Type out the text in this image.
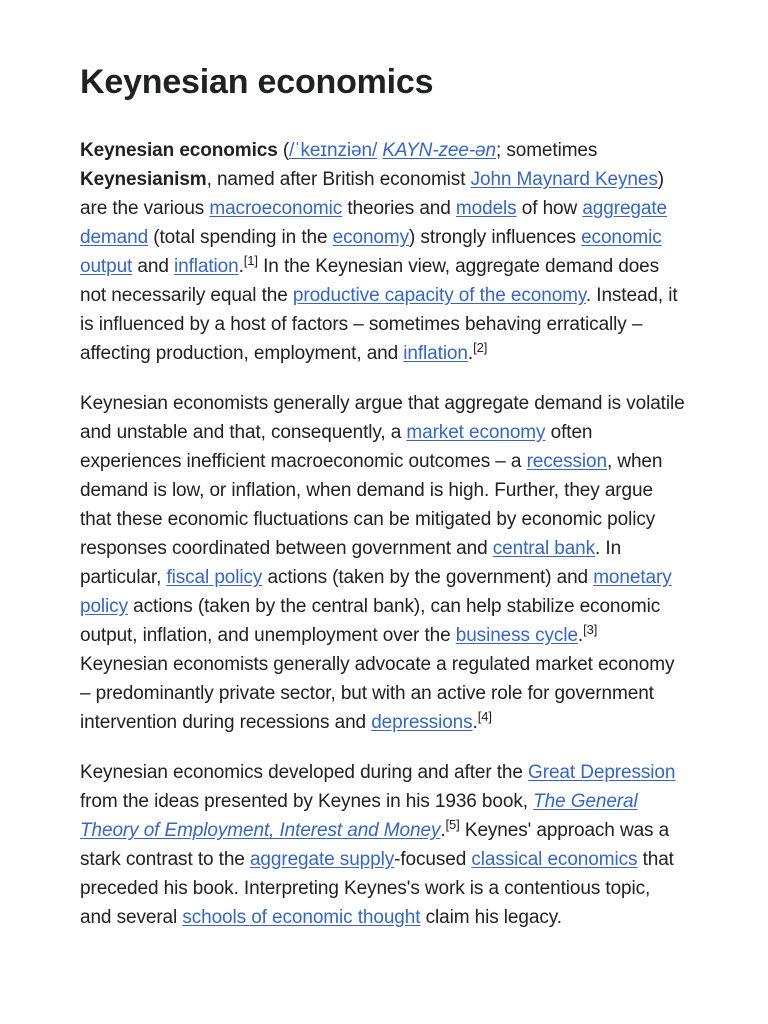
Keynesian economics

Keynesian economics (/ˈkeɪnziən/ KAYN-zee-ən; sometimes Keynesianism, named after British economist John Maynard Keynes) are the various macroeconomic theories and models of how aggregate demand (total spending in the economy) strongly influences economic output and inflation.[1] In the Keynesian view, aggregate demand does not necessarily equal the productive capacity of the economy. Instead, it is influenced by a host of factors – sometimes behaving erratically – affecting production, employment, and inflation.[2]

Keynesian economists generally argue that aggregate demand is volatile and unstable and that, consequently, a market economy often experiences inefficient macroeconomic outcomes – a recession, when demand is low, or inflation, when demand is high. Further, they argue that these economic fluctuations can be mitigated by economic policy responses coordinated between government and central bank. In particular, fiscal policy actions (taken by the government) and monetary policy actions (taken by the central bank), can help stabilize economic output, inflation, and unemployment over the business cycle.[3] Keynesian economists generally advocate a regulated market economy – predominantly private sector, but with an active role for government intervention during recessions and depressions.[4]

Keynesian economics developed during and after the Great Depression from the ideas presented by Keynes in his 1936 book, The General Theory of Employment, Interest and Money.[5] Keynes' approach was a stark contrast to the aggregate supply-focused classical economics that preceded his book. Interpreting Keynes's work is a contentious topic, and several schools of economic thought claim his legacy.
